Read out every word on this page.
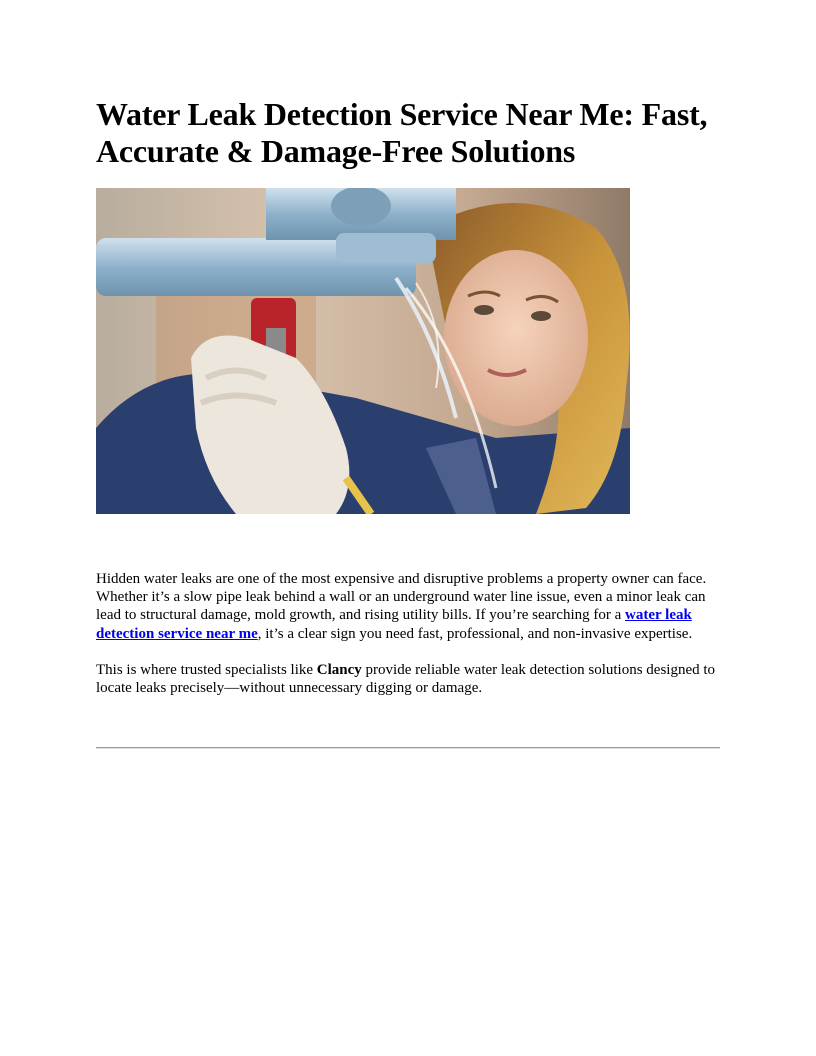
Water Leak Detection Service Near Me: Fast, Accurate & Damage-Free Solutions

Hidden water leaks are one of the most expensive and disruptive problems a property owner can face. Whether it’s a slow pipe leak behind a wall or an underground water line issue, even a minor leak can lead to structural damage, mold growth, and rising utility bills. If you’re searching for a water leak detection service near me, it’s a clear sign you need fast, professional, and non-invasive expertise.

This is where trusted specialists like Clancy provide reliable water leak detection solutions designed to locate leaks precisely—without unnecessary digging or damage.
